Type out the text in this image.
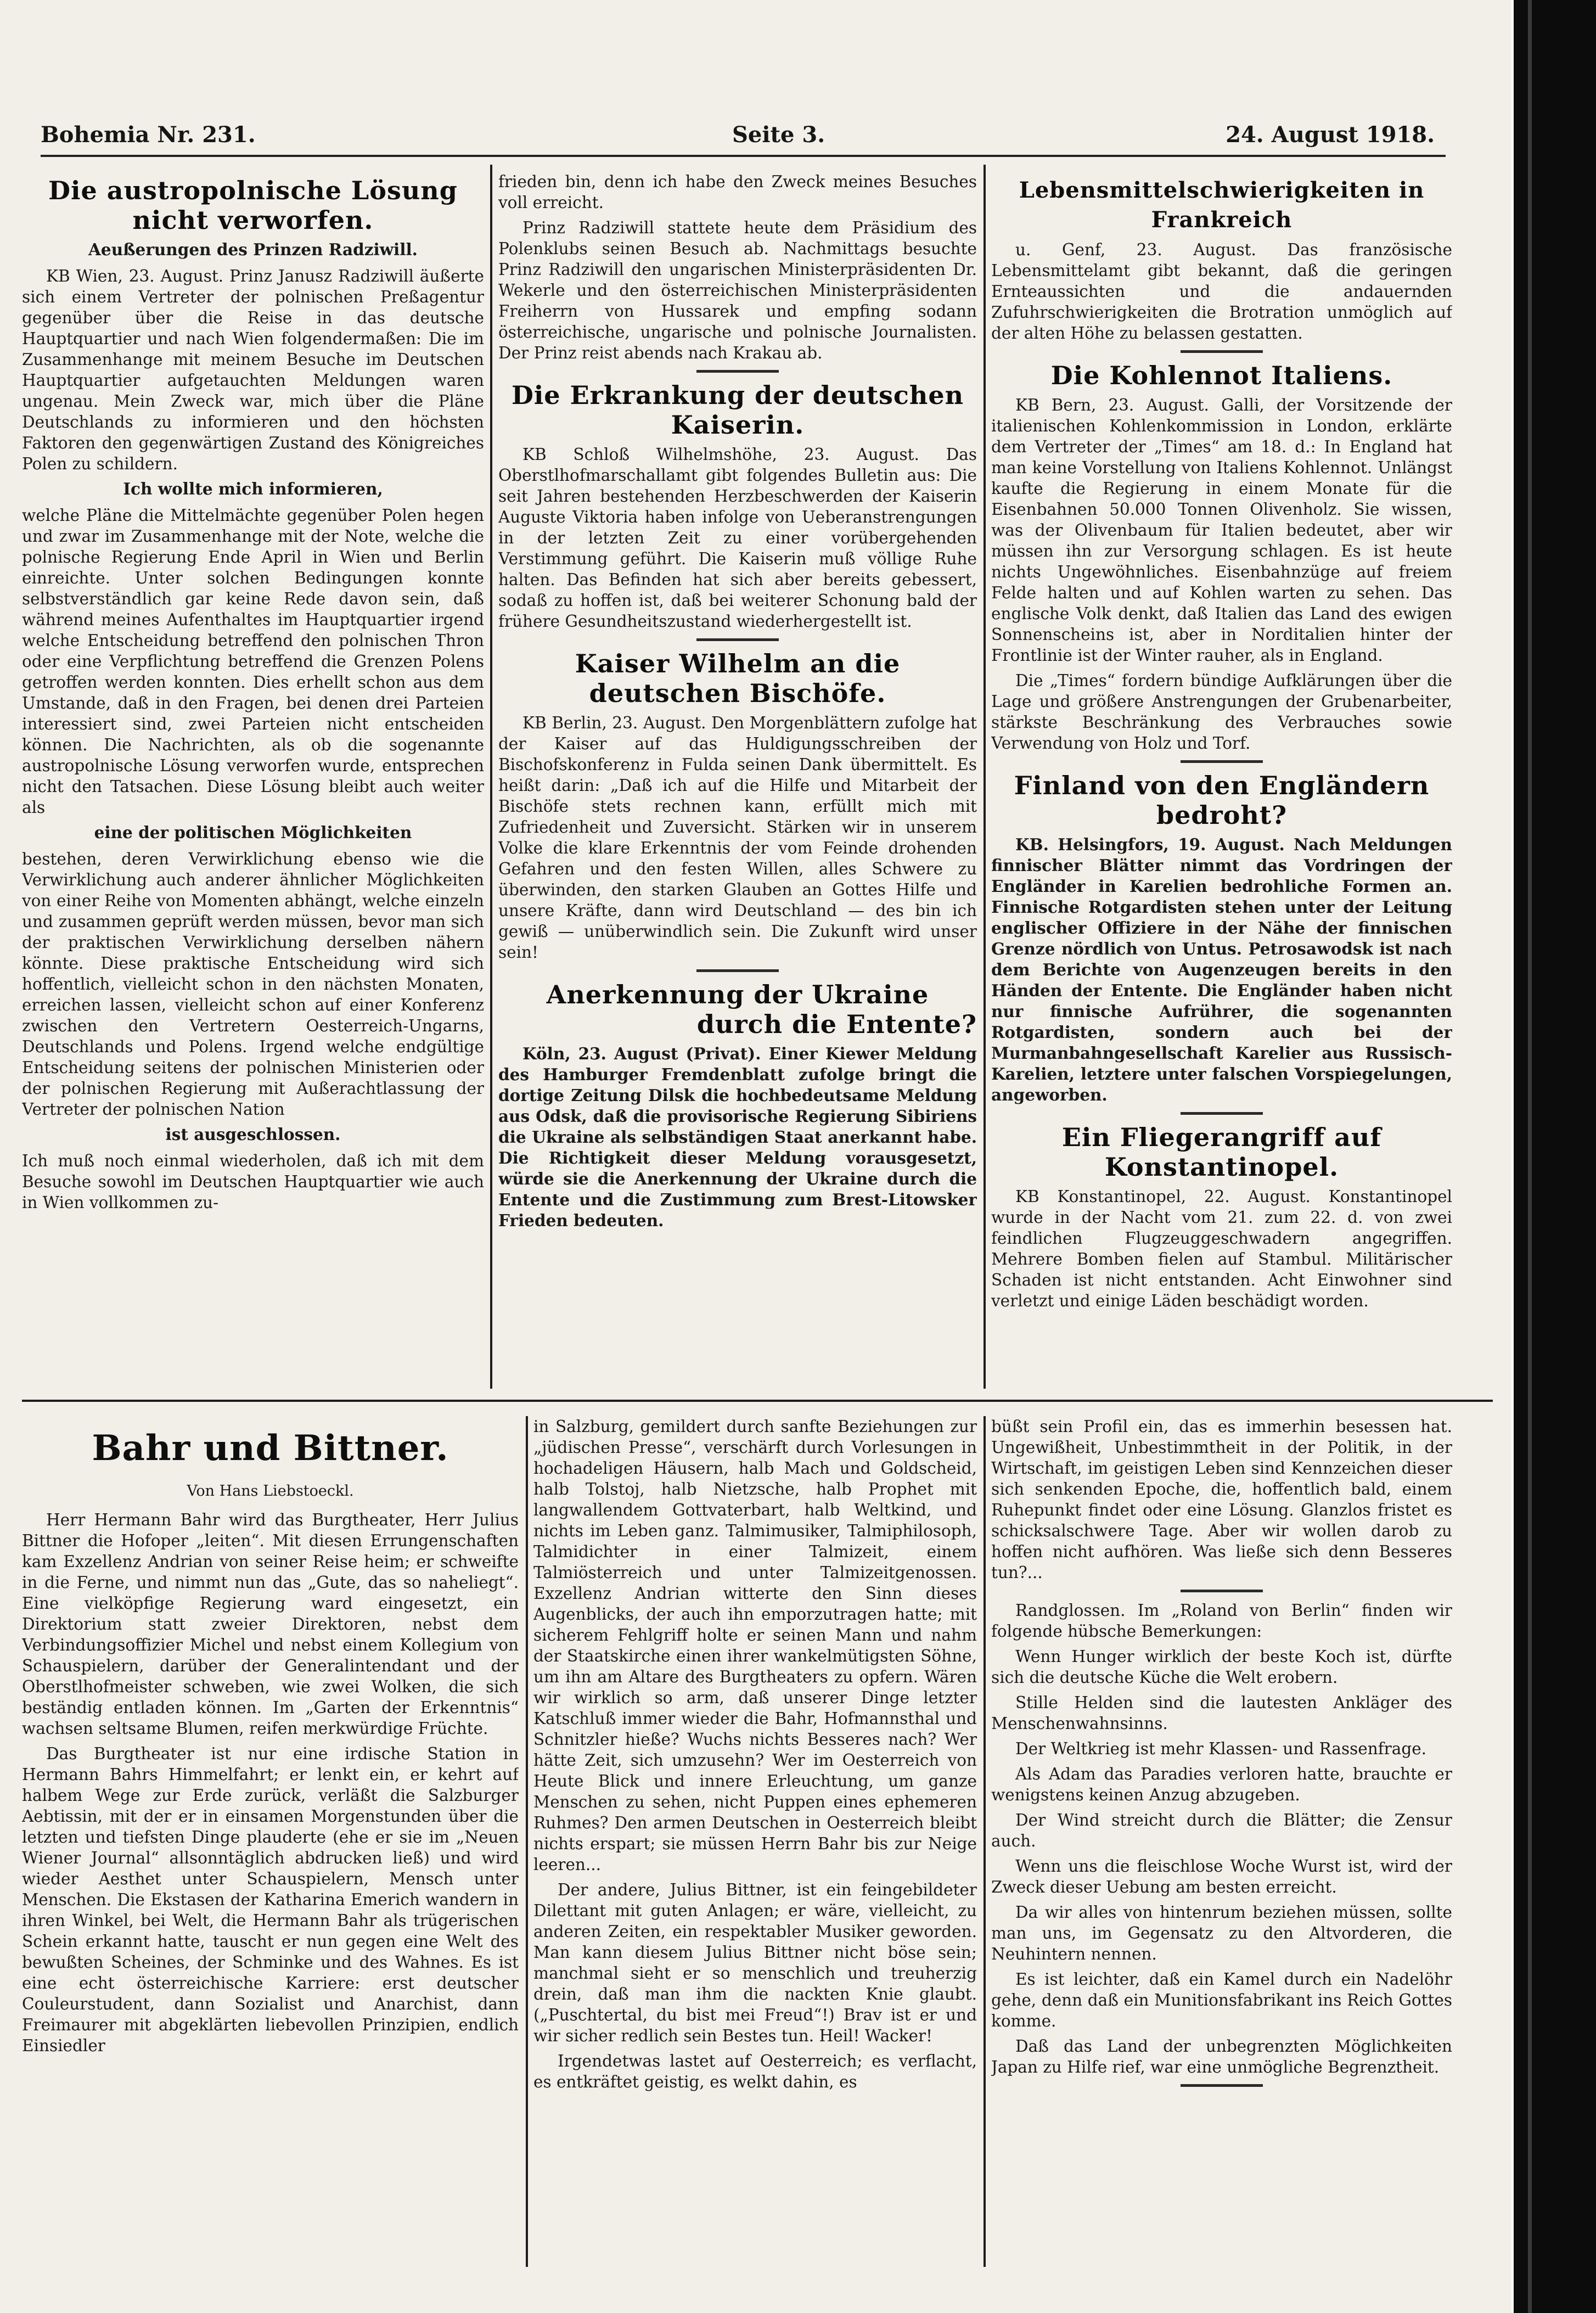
Bohemia Nr. 231.	Seite 3.	24. August 1918.
Die austropolnische Lösung nicht verworfen.
Aeußerungen des Prinzen Radziwill.

KB Wien, 23. August. Prinz Janusz Radziwill äußerte sich einem Vertreter der polnischen Preßagentur gegenüber über die Reise in das deutsche Hauptquartier und nach Wien folgendermaßen: Die im Zusammenhange mit meinem Besuche im Deutschen Hauptquartier aufgetauchten Meldungen waren ungenau. Mein Zweck war, mich über die Pläne Deutschlands zu informieren und den höchsten Faktoren den gegenwärtigen Zustand des Königreiches Polen zu schildern.

Ich wollte mich informieren,

welche Pläne die Mittelmächte gegenüber Polen hegen und zwar im Zusammenhange mit der Note, welche die polnische Regierung Ende April in Wien und Berlin einreichte. Unter solchen Bedingungen konnte selbstverständlich gar keine Rede davon sein, daß während meines Aufenthaltes im Hauptquartier irgend welche Entscheidung betreffend den polnischen Thron oder eine Verpflichtung betreffend die Grenzen Polens getroffen werden konnten. Dies erhellt schon aus dem Umstande, daß in den Fragen, bei denen drei Parteien interessiert sind, zwei Parteien nicht entscheiden können. Die Nachrichten, als ob die sogenannte austropolnische Lösung verworfen wurde, entsprechen nicht den Tatsachen. Diese Lösung bleibt auch weiter als

eine der politischen Möglichkeiten

bestehen, deren Verwirklichung ebenso wie die Verwirklichung auch anderer ähnlicher Möglichkeiten von einer Reihe von Momenten abhängt, welche einzeln und zusammen geprüft werden müssen, bevor man sich der praktischen Verwirklichung derselben nähern könnte. Diese praktische Entscheidung wird sich hoffentlich, vielleicht schon in den nächsten Monaten, erreichen lassen, vielleicht schon auf einer Konferenz zwischen den Vertretern Oesterreich-Ungarns, Deutschlands und Polens. Irgend welche endgültige Entscheidung seitens der polnischen Ministerien oder der polnischen Regierung mit Außerachtlassung der Vertreter der polnischen Nation

ist ausgeschlossen.

Ich muß noch einmal wiederholen, daß ich mit dem Besuche sowohl im Deutschen Hauptquartier wie auch in Wien vollkommen zu-

frieden bin, denn ich habe den Zweck meines Besuches voll erreicht.

Prinz Radziwill stattete heute dem Präsidium des Polenklubs seinen Besuch ab. Nachmittags besuchte Prinz Radziwill den ungarischen Ministerpräsidenten Dr. Wekerle und den österreichischen Ministerpräsidenten Freiherrn von Hussarek und empfing sodann österreichische, ungarische und polnische Journalisten. Der Prinz reist abends nach Krakau ab.

Die Erkrankung der deutschen Kaiserin.

KB Schloß Wilhelmshöhe, 23. August. Das Oberstlhofmarschallamt gibt folgendes Bulletin aus: Die seit Jahren bestehenden Herzbeschwerden der Kaiserin Auguste Viktoria haben infolge von Ueberanstrengungen in der letzten Zeit zu einer vorübergehenden Verstimmung geführt. Die Kaiserin muß völlige Ruhe halten. Das Befinden hat sich aber bereits gebessert, sodaß zu hoffen ist, daß bei weiterer Schonung bald der frühere Gesundheitszustand wiederhergestellt ist.

Kaiser Wilhelm an die deutschen Bischöfe.

KB Berlin, 23. August. Den Morgenblättern zufolge hat der Kaiser auf das Huldigungsschreiben der Bischofskonferenz in Fulda seinen Dank übermittelt. Es heißt darin: „Daß ich auf die Hilfe und Mitarbeit der Bischöfe stets rechnen kann, erfüllt mich mit Zufriedenheit und Zuversicht. Stärken wir in unserem Volke die klare Erkenntnis der vom Feinde drohenden Gefahren und den festen Willen, alles Schwere zu überwinden, den starken Glauben an Gottes Hilfe und unsere Kräfte, dann wird Deutschland — des bin ich gewiß — unüberwindlich sein. Die Zukunft wird unser sein!

Anerkennung der Ukraine
durch die Entente?

Köln, 23. August (Privat). Einer Kiewer Meldung des Hamburger Fremdenblatt zufolge bringt die dortige Zeitung Dilsk die hochbedeutsame Meldung aus Odsk, daß die provisorische Regierung Sibiriens die Ukraine als selbständigen Staat anerkannt habe. Die Richtigkeit dieser Meldung vorausgesetzt, würde sie die Anerkennung der Ukraine durch die Entente und die Zustimmung zum Brest-Litowsker Frieden bedeuten.

Lebensmittelschwierigkeiten in Frankreich

u. Genf, 23. August. Das französische Lebensmittelamt gibt bekannt, daß die geringen Ernteaussichten und die andauernden Zufuhrschwierigkeiten die Brotration unmöglich auf der alten Höhe zu belassen gestatten.

Die Kohlennot Italiens.

KB Bern, 23. August. Galli, der Vorsitzende der italienischen Kohlenkommission in London, erklärte dem Vertreter der „Times“ am 18. d.: In England hat man keine Vorstellung von Italiens Kohlennot. Unlängst kaufte die Regierung in einem Monate für die Eisenbahnen 50.000 Tonnen Olivenholz. Sie wissen, was der Olivenbaum für Italien bedeutet, aber wir müssen ihn zur Versorgung schlagen. Es ist heute nichts Ungewöhnliches. Eisenbahnzüge auf freiem Felde halten und auf Kohlen warten zu sehen. Das englische Volk denkt, daß Italien das Land des ewigen Sonnenscheins ist, aber in Norditalien hinter der Frontlinie ist der Winter rauher, als in England.

Die „Times“ fordern bündige Aufklärungen über die Lage und größere Anstrengungen der Grubenarbeiter, stärkste Beschränkung des Verbrauches sowie Verwendung von Holz und Torf.

Finland von den Engländern bedroht?

KB. Helsingfors, 19. August. Nach Meldungen finnischer Blätter nimmt das Vordringen der Engländer in Karelien bedrohliche Formen an. Finnische Rotgardisten stehen unter der Leitung englischer Offiziere in der Nähe der finnischen Grenze nördlich von Untus. Petrosawodsk ist nach dem Berichte von Augenzeugen bereits in den Händen der Entente. Die Engländer haben nicht nur finnische Aufrührer, die sogenannten Rotgardisten, sondern auch bei der Murmanbahngesellschaft Karelier aus Russisch-Karelien, letztere unter falschen Vorspiegelungen, angeworben.

Ein Fliegerangriff auf Konstantinopel.

KB Konstantinopel, 22. August. Konstantinopel wurde in der Nacht vom 21. zum 22. d. von zwei feindlichen Flugzeuggeschwadern angegriffen. Mehrere Bomben fielen auf Stambul. Militärischer Schaden ist nicht entstanden. Acht Einwohner sind verletzt und einige Läden beschädigt worden.

Bahr und Bittner.
Von Hans Liebstoeckl.

Herr Hermann Bahr wird das Burgtheater, Herr Julius Bittner die Hofoper „leiten“. Mit diesen Errungenschaften kam Exzellenz Andrian von seiner Reise heim; er schweifte in die Ferne, und nimmt nun das „Gute, das so naheliegt“. Eine vielköpfige Regierung ward eingesetzt, ein Direktorium statt zweier Direktoren, nebst dem Verbindungsoffizier Michel und nebst einem Kollegium von Schauspielern, darüber der Generalintendant und der Oberstlhofmeister schweben, wie zwei Wolken, die sich beständig entladen können. Im „Garten der Erkenntnis“ wachsen seltsame Blumen, reifen merkwürdige Früchte.

Das Burgtheater ist nur eine irdische Station in Hermann Bahrs Himmelfahrt; er lenkt ein, er kehrt auf halbem Wege zur Erde zurück, verläßt die Salzburger Aebtissin, mit der er in einsamen Morgenstunden über die letzten und tiefsten Dinge plauderte (ehe er sie im „Neuen Wiener Journal“ allsonntäglich abdrucken ließ) und wird wieder Aesthet unter Schauspielern, Mensch unter Menschen. Die Ekstasen der Katharina Emerich wandern in ihren Winkel, bei Welt, die Hermann Bahr als trügerischen Schein erkannt hatte, tauscht er nun gegen eine Welt des bewußten Scheines, der Schminke und des Wahnes. Es ist eine echt österreichische Karriere: erst deutscher Couleurstudent, dann Sozialist und Anarchist, dann Freimaurer mit abgeklärten liebevollen Prinzipien, endlich Einsiedler

in Salzburg, gemildert durch sanfte Beziehungen zur „jüdischen Presse“, verschärft durch Vorlesungen in hochadeligen Häusern, halb Mach und Goldscheid, halb Tolstoj, halb Nietzsche, halb Prophet mit langwallendem Gottvaterbart, halb Weltkind, und nichts im Leben ganz. Talmimusiker, Talmiphilosoph, Talmidichter in einer Talmizeit, einem Talmiösterreich und unter Talmizeitgenossen. Exzellenz Andrian witterte den Sinn dieses Augenblicks, der auch ihn emporzutragen hatte; mit sicherem Fehlgriff holte er seinen Mann und nahm der Staatskirche einen ihrer wankelmütigsten Söhne, um ihn am Altare des Burgtheaters zu opfern. Wären wir wirklich so arm, daß unserer Dinge letzter Katschluß immer wieder die Bahr, Hofmannsthal und Schnitzler hieße? Wuchs nichts Besseres nach? Wer hätte Zeit, sich umzusehn? Wer im Oesterreich von Heute Blick und innere Erleuchtung, um ganze Menschen zu sehen, nicht Puppen eines ephemeren Ruhmes? Den armen Deutschen in Oesterreich bleibt nichts erspart; sie müssen Herrn Bahr bis zur Neige leeren...

Der andere, Julius Bittner, ist ein feingebildeter Dilettant mit guten Anlagen; er wäre, vielleicht, zu anderen Zeiten, ein respektabler Musiker geworden. Man kann diesem Julius Bittner nicht böse sein; manchmal sieht er so menschlich und treuherzig drein, daß man ihm die nackten Knie glaubt. („Puschtertal, du bist mei Freud“!) Brav ist er und wir sicher redlich sein Bestes tun. Heil! Wacker!

Irgendetwas lastet auf Oesterreich; es verflacht, es entkräftet geistig, es welkt dahin, es

büßt sein Profil ein, das es immerhin besessen hat. Ungewißheit, Unbestimmtheit in der Politik, in der Wirtschaft, im geistigen Leben sind Kennzeichen dieser sich senkenden Epoche, die, hoffentlich bald, einem Ruhepunkt findet oder eine Lösung. Glanzlos fristet es schicksalschwere Tage. Aber wir wollen darob zu hoffen nicht aufhören. Was ließe sich denn Besseres tun?...

Randglossen. Im „Roland von Berlin“ finden wir folgende hübsche Bemerkungen:

Wenn Hunger wirklich der beste Koch ist, dürfte sich die deutsche Küche die Welt erobern.

Stille Helden sind die lautesten Ankläger des Menschenwahnsinns.

Der Weltkrieg ist mehr Klassen- und Rassenfrage.

Als Adam das Paradies verloren hatte, brauchte er wenigstens keinen Anzug abzugeben.

Der Wind streicht durch die Blätter; die Zensur auch.

Wenn uns die fleischlose Woche Wurst ist, wird der Zweck dieser Uebung am besten erreicht.

Da wir alles von hintenrum beziehen müssen, sollte man uns, im Gegensatz zu den Altvorderen, die Neuhintern nennen.

Es ist leichter, daß ein Kamel durch ein Nadelöhr gehe, denn daß ein Munitionsfabrikant ins Reich Gottes komme.

Daß das Land der unbegrenzten Möglichkeiten Japan zu Hilfe rief, war eine unmögliche Begrenztheit.
